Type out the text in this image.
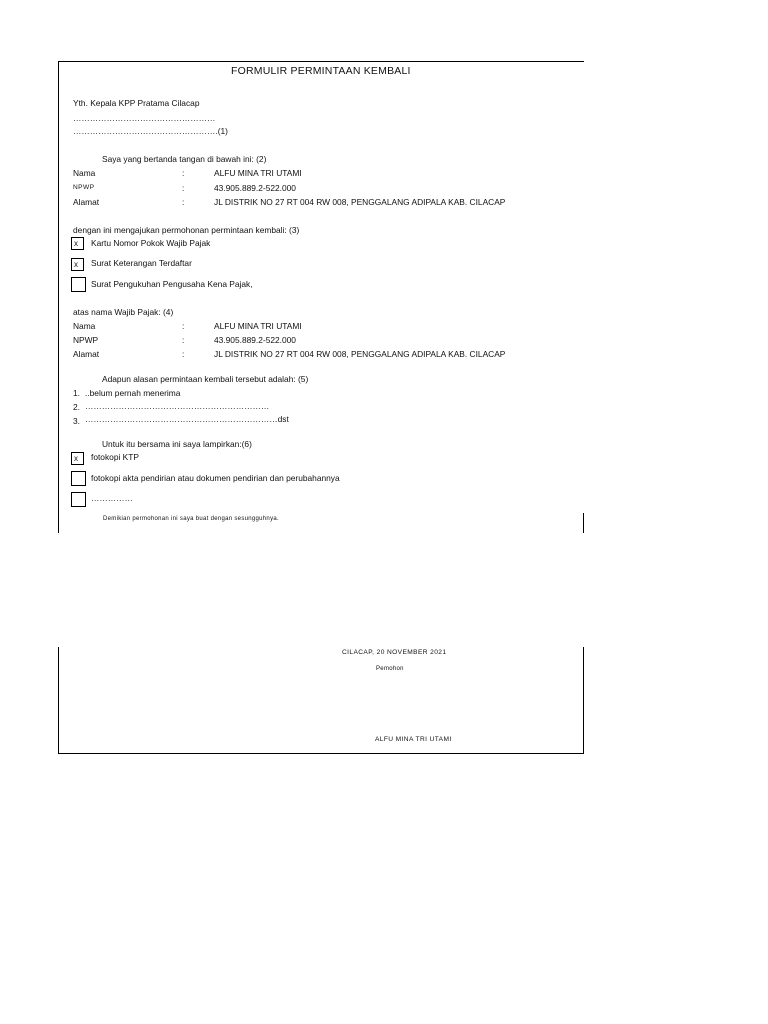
FORMULIR PERMINTAAN KEMBALI
Yth. Kepala KPP Pratama Cilacap
……………………………………………
…………………………………………….(1)
Saya yang bertanda tangan di bawah ini: (2)
Nama	:	ALFU MINA TRI UTAMI
NPWP	:	43.905.889.2-522.000
Alamat	:	JL DISTRIK NO 27 RT 004 RW 008, PENGGALANG ADIPALA KAB. CILACAP
dengan ini mengajukan permohonan permintaan kembali: (3)
x	Kartu Nomor Pokok Wajib Pajak
x	Surat Keterangan Terdaftar
Surat Pengukuhan Pengusaha Kena Pajak,
atas nama Wajib Pajak: (4)
Nama	:	ALFU MINA TRI UTAMI
NPWP	:	43.905.889.2-522.000
Alamat	:	JL DISTRIK NO 27 RT 004 RW 008, PENGGALANG ADIPALA KAB. CILACAP
Adapun alasan permintaan kembali tersebut adalah: (5)
1. ..belum pernah menerima
2. …………………………………………………………
3. ……………………………………………………………dst
Untuk itu bersama ini saya lampirkan:(6)
x	fotokopi KTP
fotokopi akta pendirian atau dokumen pendirian dan perubahannya
……………
Demikian permohonan ini saya buat dengan sesungguhnya.
CILACAP, 20 NOVEMBER 2021
Pemohon
ALFU MINA TRI UTAMI
